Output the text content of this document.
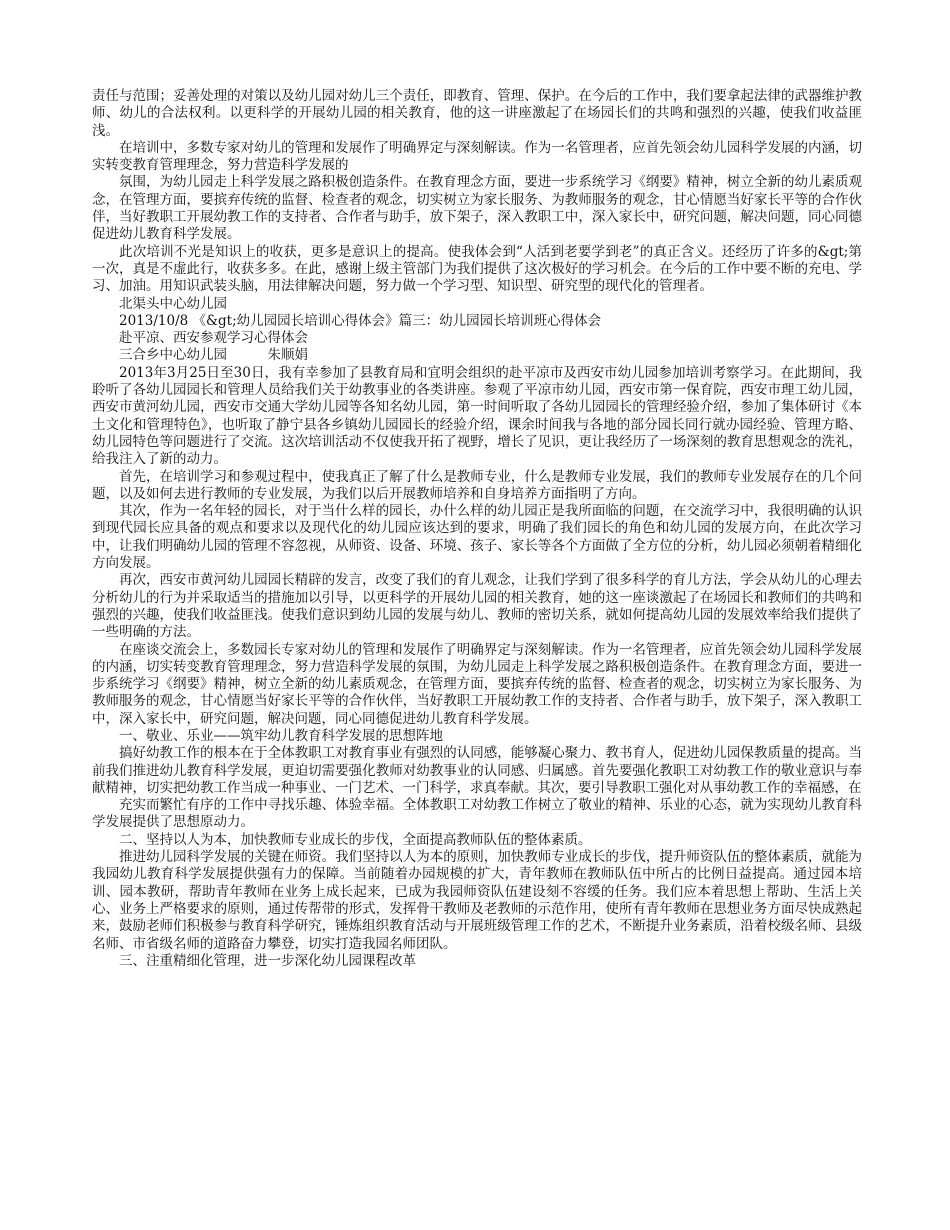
责任与范围；妥善处理的对策以及幼儿园对幼儿三个责任，即教育、管理、保护。在今后的工作中，我们要拿起法律的武器维护教师、幼儿的合法权利。以更科学的开展幼儿园的相关教育，他的这一讲座激起了在场园长们的共鸣和强烈的兴趣，使我们收益匪浅。

在培训中，多数专家对幼儿的管理和发展作了明确界定与深刻解读。作为一名管理者，应首先领会幼儿园科学发展的内涵，切实转变教育管理理念，努力营造科学发展的

氛围，为幼儿园走上科学发展之路积极创造条件。在教育理念方面，要进一步系统学习《纲要》精神，树立全新的幼儿素质观念，在管理方面，要摈弃传统的监督、检查者的观念，切实树立为家长服务、为教师服务的观念，甘心情愿当好家长平等的合作伙伴，当好教职工开展幼教工作的支持者、合作者与助手，放下架子，深入教职工中，深入家长中，研究问题，解决问题，同心同德促进幼儿教育科学发展。

此次培训不光是知识上的收获，更多是意识上的提高。使我体会到“人活到老要学到老”的真正含义。还经历了许多的&gt;第一次，真是不虚此行，收获多多。在此，感谢上级主管部门为我们提供了这次极好的学习机会。在今后的工作中要不断的充电、学习、加油。用知识武装头脑，用法律解决问题，努力做一个学习型、知识型、研究型的现代化的管理者。

北渠头中心幼儿园

2013/10/8 《&gt;幼儿园园长培训心得体会》篇三：幼儿园园长培训班心得体会

赴平凉、西安参观学习心得体会

三合乡中心幼儿园　　　朱顺娟

2013年3月25日至30日，我有幸参加了县教育局和宜明会组织的赴平凉市及西安市幼儿园参加培训考察学习。在此期间，我聆听了各幼儿园园长和管理人员给我们关于幼教事业的各类讲座。参观了平凉市幼儿园，西安市第一保育院，西安市理工幼儿园，西安市黄河幼儿园，西安市交通大学幼儿园等各知名幼儿园，第一时间听取了各幼儿园园长的管理经验介绍，参加了集体研讨《本土文化和管理特色》，也听取了静宁县各乡镇幼儿园园长的经验介绍，课余时间我与各地的部分园长同行就办园经验、管理方略、幼儿园特色等问题进行了交流。这次培训活动不仅使我开拓了视野，增长了见识，更让我经历了一场深刻的教育思想观念的洗礼，给我注入了新的动力。

首先，在培训学习和参观过程中，使我真正了解了什么是教师专业，什么是教师专业发展，我们的教师专业发展存在的几个问题，以及如何去进行教师的专业发展，为我们以后开展教师培养和自身培养方面指明了方向。

其次，作为一名年轻的园长，对于当什么样的园长，办什么样的幼儿园正是我所面临的问题，在交流学习中，我很明确的认识到现代园长应具备的观点和要求以及现代化的幼儿园应该达到的要求，明确了我们园长的角色和幼儿园的发展方向，在此次学习中，让我们明确幼儿园的管理不容忽视，从师资、设备、环境、孩子、家长等各个方面做了全方位的分析，幼儿园必须朝着精细化方向发展。

再次，西安市黄河幼儿园园长精辟的发言，改变了我们的育儿观念，让我们学到了很多科学的育儿方法，学会从幼儿的心理去分析幼儿的行为并采取适当的措施加以引导，以更科学的开展幼儿园的相关教育，她的这一座谈激起了在场园长和教师们的共鸣和强烈的兴趣，使我们收益匪浅。使我们意识到幼儿园的发展与幼儿、教师的密切关系，就如何提高幼儿园的发展效率给我们提供了一些明确的方法。

在座谈交流会上，多数园长专家对幼儿的管理和发展作了明确界定与深刻解读。作为一名管理者，应首先领会幼儿园科学发展的内涵，切实转变教育管理理念，努力营造科学发展的氛围，为幼儿园走上科学发展之路积极创造条件。在教育理念方面，要进一步系统学习《纲要》精神，树立全新的幼儿素质观念，在管理方面，要摈弃传统的监督、检查者的观念，切实树立为家长服务、为教师服务的观念，甘心情愿当好家长平等的合作伙伴，当好教职工开展幼教工作的支持者、合作者与助手，放下架子，深入教职工中，深入家长中，研究问题，解决问题，同心同德促进幼儿教育科学发展。

一、敬业、乐业——筑牢幼儿教育科学发展的思想阵地

搞好幼教工作的根本在于全体教职工对教育事业有强烈的认同感，能够凝心聚力、教书育人，促进幼儿园保教质量的提高。当前我们推进幼儿教育科学发展，更迫切需要强化教师对幼教事业的认同感、归属感。首先要强化教职工对幼教工作的敬业意识与奉献精神，切实把幼教工作当成一种事业、一门艺术、一门科学，求真奉献。其次，要引导教职工强化对从事幼教工作的幸福感，在

充实而繁忙有序的工作中寻找乐趣、体验幸福。全体教职工对幼教工作树立了敬业的精神、乐业的心态，就为实现幼儿教育科学发展提供了思想原动力。

二、坚持以人为本，加快教师专业成长的步伐，全面提高教师队伍的整体素质。

推进幼儿园科学发展的关键在师资。我们坚持以人为本的原则，加快教师专业成长的步伐，提升师资队伍的整体素质，就能为我园幼儿教育科学发展提供强有力的保障。当前随着办园规模的扩大，青年教师在教师队伍中所占的比例日益提高。通过园本培训、园本教研，帮助青年教师在业务上成长起来，已成为我园师资队伍建设刻不容缓的任务。我们应本着思想上帮助、生活上关心、业务上严格要求的原则，通过传帮带的形式，发挥骨干教师及老教师的示范作用，使所有青年教师在思想业务方面尽快成熟起来，鼓励老师们积极参与教育科学研究，锤炼组织教育活动与开展班级管理工作的艺术，不断提升业务素质，沿着校级名师、县级名师、市省级名师的道路奋力攀登，切实打造我园名师团队。

三、注重精细化管理，进一步深化幼儿园课程改革
